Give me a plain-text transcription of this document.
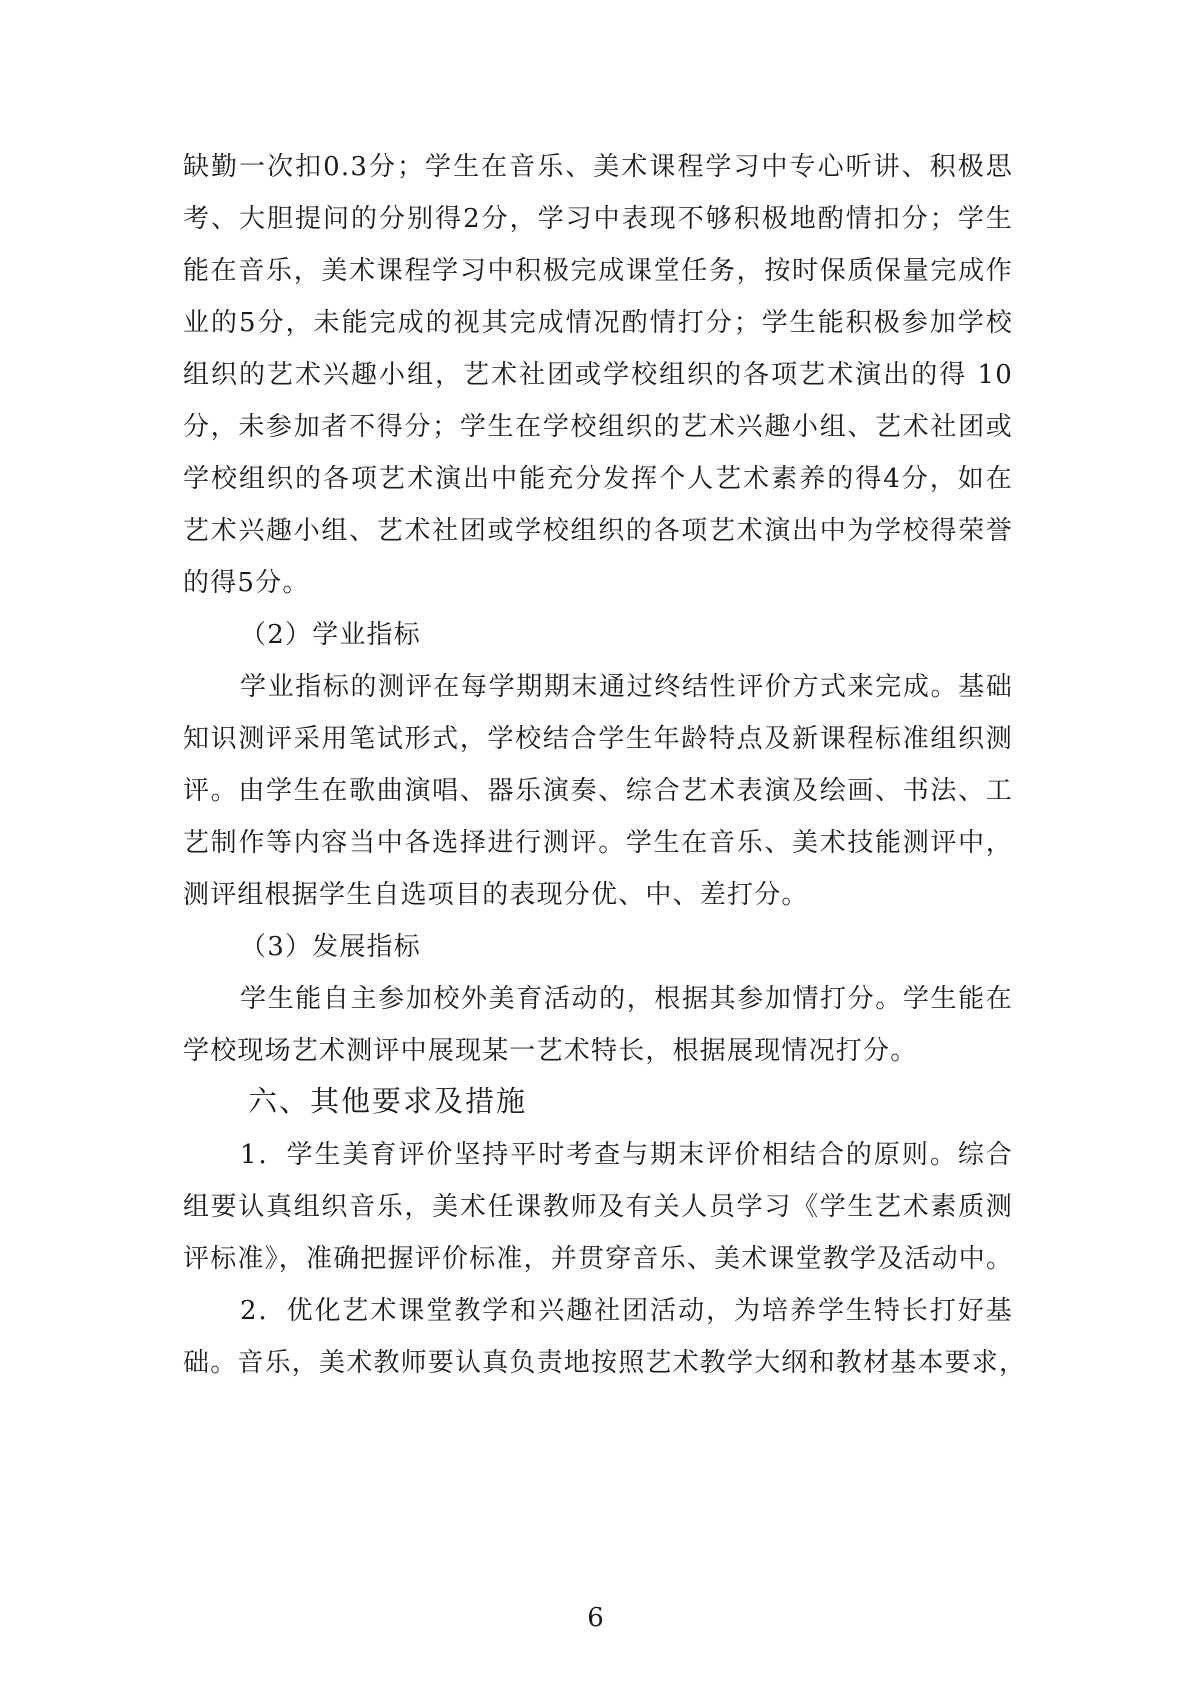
缺勤一次扣0.3分；学生在音乐、美术课程学习中专心听讲、积极思
考、大胆提问的分别得2分，学习中表现不够积极地酌情扣分；学生
能在音乐，美术课程学习中积极完成课堂任务，按时保质保量完成作
业的5分，未能完成的视其完成情况酌情打分；学生能积极参加学校
组织的艺术兴趣小组，艺术社团或学校组织的各项艺术演出的得 10
分，未参加者不得分；学生在学校组织的艺术兴趣小组、艺术社团或
学校组织的各项艺术演出中能充分发挥个人艺术素养的得4分，如在
艺术兴趣小组、艺术社团或学校组织的各项艺术演出中为学校得荣誉
的得5分。
（2）学业指标
学业指标的测评在每学期期末通过终结性评价方式来完成。基础
知识测评采用笔试形式，学校结合学生年龄特点及新课程标准组织测
评。由学生在歌曲演唱、器乐演奏、综合艺术表演及绘画、书法、工
艺制作等内容当中各选择进行测评。学生在音乐、美术技能测评中，
测评组根据学生自选项目的表现分优、中、差打分。
（3）发展指标
学生能自主参加校外美育活动的，根据其参加情打分。学生能在
学校现场艺术测评中展现某一艺术特长，根据展现情况打分。
六、其他要求及措施
1．学生美育评价坚持平时考查与期末评价相结合的原则。综合
组要认真组织音乐，美术任课教师及有关人员学习《学生艺术素质测
评标准》，准确把握评价标准，并贯穿音乐、美术课堂教学及活动中。
2．优化艺术课堂教学和兴趣社团活动，为培养学生特长打好基
础。音乐，美术教师要认真负责地按照艺术教学大纲和教材基本要求，
6
